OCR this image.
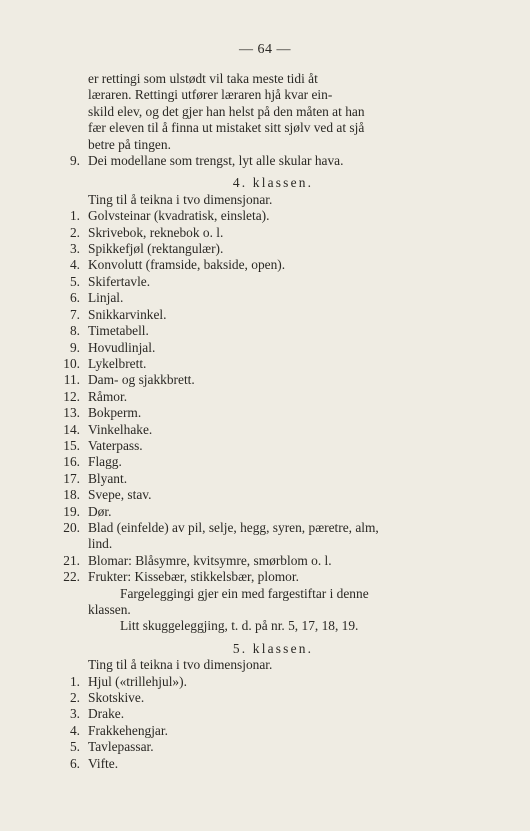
— 64 —
er rettingi som ulstødt vil taka meste tidi åt
læraren. Rettingi utfører læraren hjå kvar ein-
skild elev, og det gjer han helst på den måten at han
fær eleven til å finna ut mistaket sitt sjølv ved at sjå
betre på tingen.
9. Dei modellane som trengst, lyt alle skular hava.
4. klassen.
Ting til å teikna i tvo dimensjonar.
1. Golvsteinar (kvadratisk, einsleta).
2. Skrivebok, reknebok o. l.
3. Spikkefjøl (rektangulær).
4. Konvolutt (framside, bakside, open).
5. Skifertavle.
6. Linjal.
7. Snikkarvinkel.
8. Timetabell.
9. Hovudlinjal.
10. Lykelbrett.
11. Dam- og sjakkbrett.
12. Råmor.
13. Bokperm.
14. Vinkelhake.
15. Vaterpass.
16. Flagg.
17. Blyant.
18. Svepe, stav.
19. Dør.
20. Blad (einfelde) av pil, selje, hegg, syren, pæretre, alm,
lind.
21. Blomar: Blåsymre, kvitsymre, smørblom o. l.
22. Frukter: Kissebær, stikkelsbær, plomor.
Fargeleggingi gjer ein med fargestiftar i denne
klassen.
Litt skuggeleggjing, t. d. på nr. 5, 17, 18, 19.
5. klassen.
Ting til å teikna i tvo dimensjonar.
1. Hjul («trillehjul»).
2. Skotskive.
3. Drake.
4. Frakkehengjar.
5. Tavlepassar.
6. Vifte.
